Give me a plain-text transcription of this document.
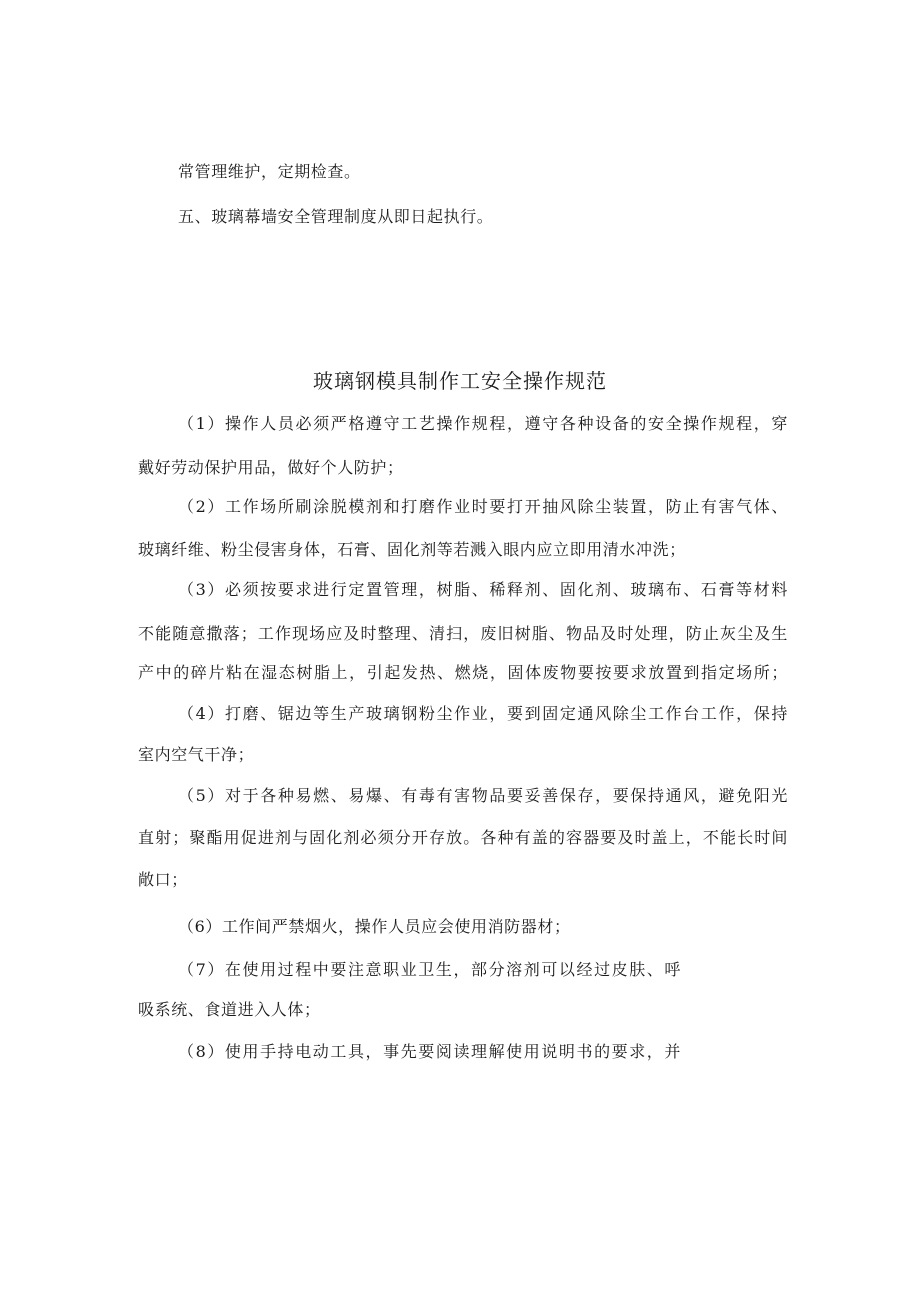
常管理维护，定期检查。
五、玻璃幕墙安全管理制度从即日起执行。
玻璃钢模具制作工安全操作规范
（1）操作人员必须严格遵守工艺操作规程，遵守各种设备的安全操作规程，穿
戴好劳动保护用品，做好个人防护；
（2）工作场所刷涂脱模剂和打磨作业时要打开抽风除尘装置，防止有害气体、
玻璃纤维、粉尘侵害身体，石膏、固化剂等若溅入眼内应立即用清水冲洗；
（3）必须按要求进行定置管理，树脂、稀释剂、固化剂、玻璃布、石膏等材料
不能随意撒落；工作现场应及时整理、清扫，废旧树脂、物品及时处理，防止灰尘及生
产中的碎片粘在湿态树脂上，引起发热、燃烧，固体废物要按要求放置到指定场所；
（4）打磨、锯边等生产玻璃钢粉尘作业，要到固定通风除尘工作台工作，保持
室内空气干净；
（5）对于各种易燃、易爆、有毒有害物品要妥善保存，要保持通风，避免阳光
直射；聚酯用促进剂与固化剂必须分开存放。各种有盖的容器要及时盖上，不能长时间
敞口；
（6）工作间严禁烟火，操作人员应会使用消防器材；
（7）在使用过程中要注意职业卫生，部分溶剂可以经过皮肤、呼
吸系统、食道进入人体；
（8）使用手持电动工具，事先要阅读理解使用说明书的要求，并
